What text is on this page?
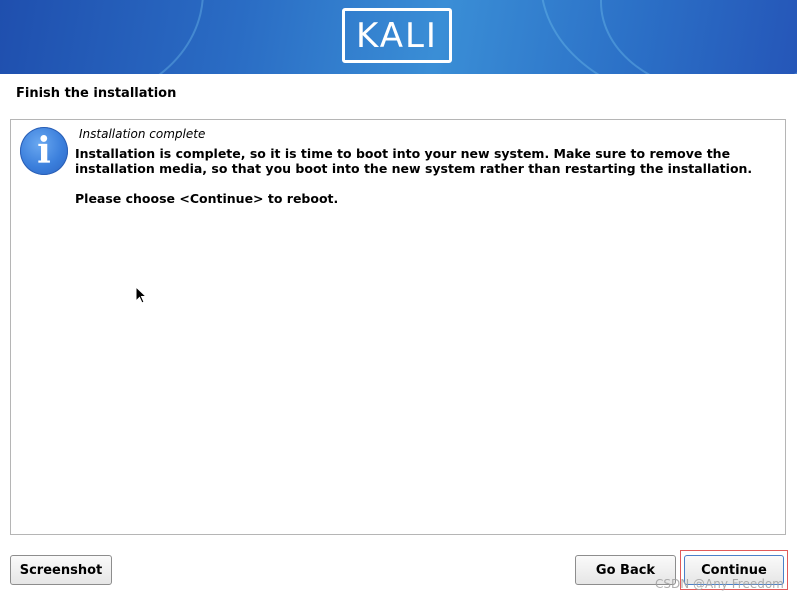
KALI
Finish the installation
i	Installation complete
Installation is complete, so it is time to boot into your new system. Make sure to remove the installation media, so that you boot into the new system rather than restarting the installation.
Please choose <Continue> to reboot.
Screenshot	Go Back	Continue
CSDN @Any Freedom
